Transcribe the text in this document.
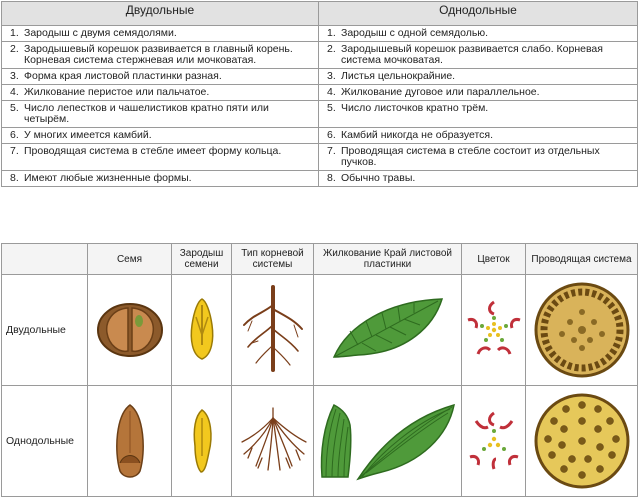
Двудольные	Однодольные

1. Зародыш с двумя семядолями.	1. Зародыш с одной семядолью.

2. Зародышевый корешок развивается в главный корень. Корневая система стержневая или мочковатая.	2. Зародышевый корешок развивается слабо. Корневая система мочковатая.

3. Форма края листовой пластинки разная.	3. Листья цельнокрайние.

4. Жилкование перистое или пальчатое.	4. Жилкование дуговое или параллельное.

5. Число лепестков и чашелистиков кратно пяти или четырём.	5. Число листочков кратно трём.

6. У многих имеется камбий.	6. Камбий никогда не образуется.

7. Проводящая система в стебле имеет форму кольца.	7. Проводящая система в стебле состоит из отдельных пучков.

8. Имеют любые жизненные формы.	8. Обычно травы.
	Семя	Зародыш семени	Тип корневой системы	Жилкование Край листовой пластинки	Цветок	Проводящая система
Двудольные	

Однодольные	
